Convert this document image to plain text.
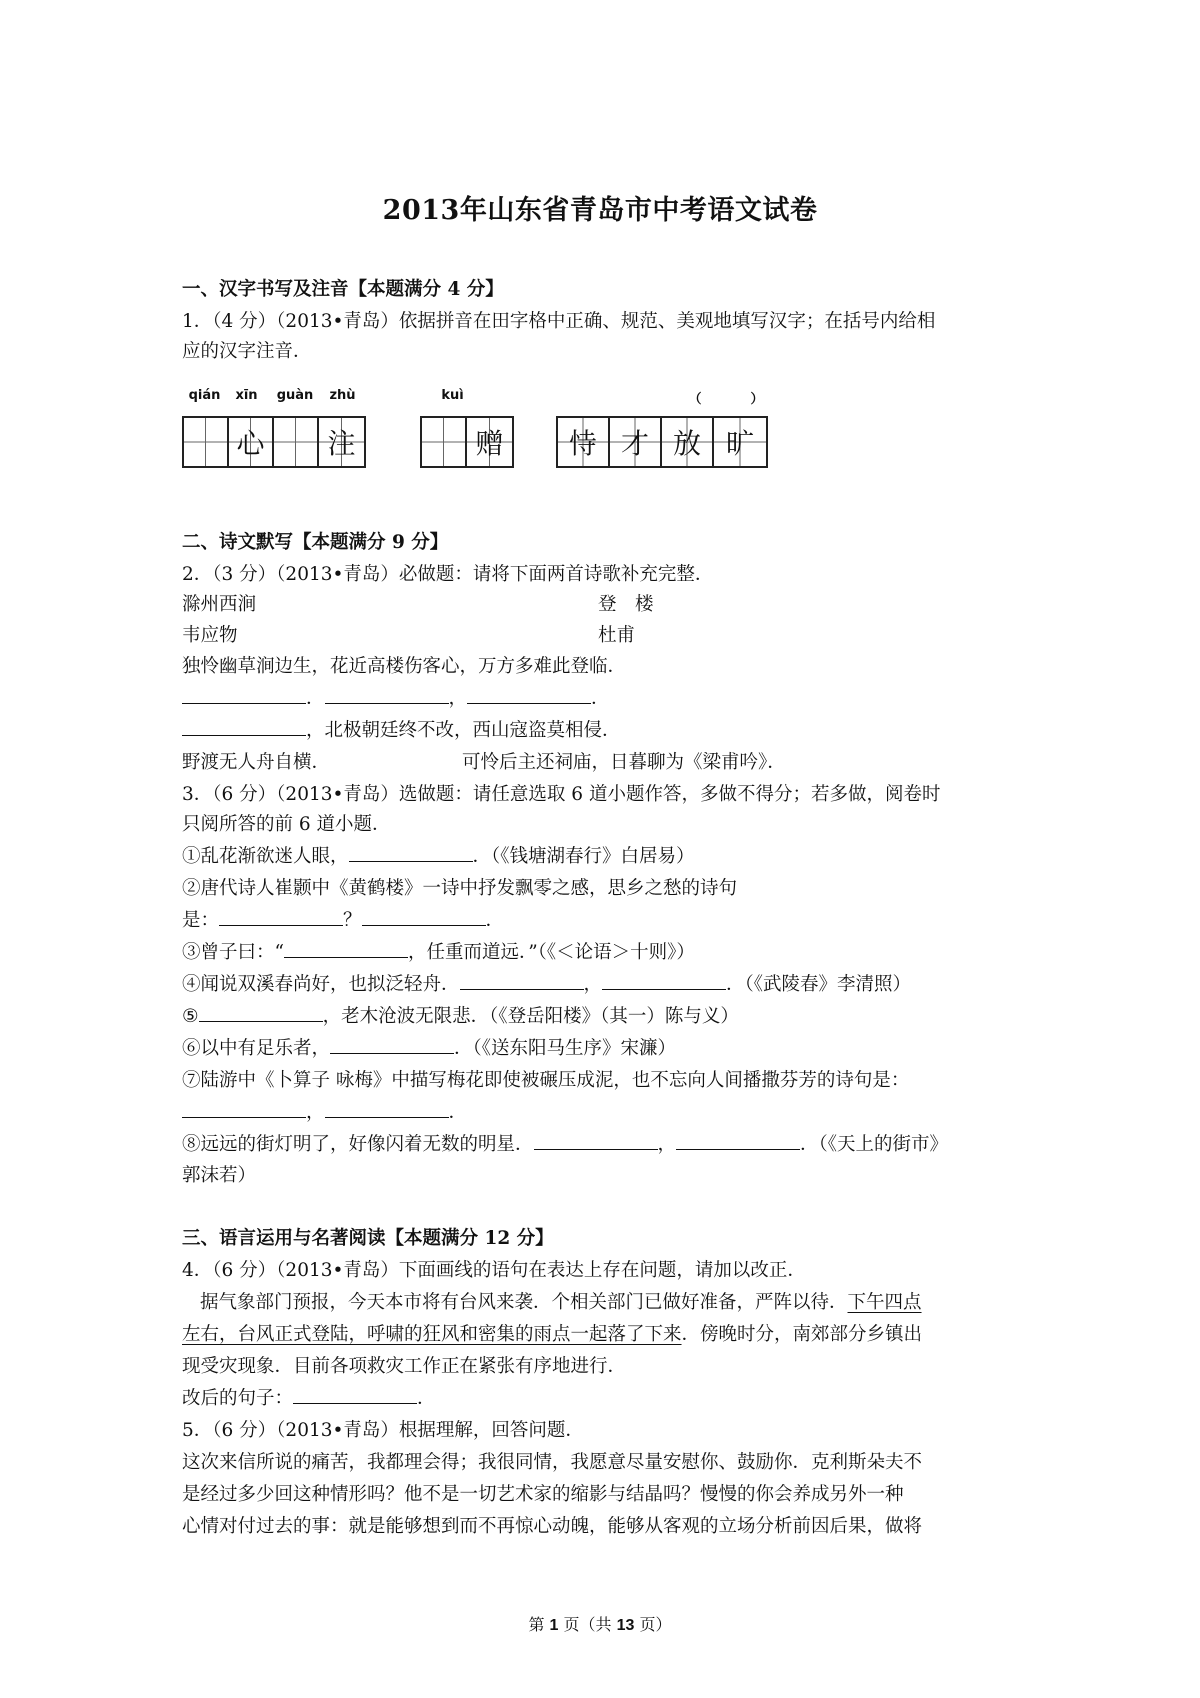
2013年山东省青岛市中考语文试卷
一、汉字书写及注音【本题满分 4 分】
1．（4 分）（2013•青岛）依据拼音在田字格中正确、规范、美观地填写汉字；在括号内给相
应的汉字注音．
qián	xīn	guàn	zhù
心 注
kuì
赠
（	）
恃 才 放 旷
二、诗文默写【本题满分 9 分】
2．（3 分）（2013•青岛）必做题：请将下面两首诗歌补充完整．
滁州西涧	登　楼
韦应物	杜甫
独怜幽草涧边生，花近高楼伤客心，万方多难此登临．
．	，	．
，北极朝廷终不改，西山寇盗莫相侵．
野渡无人舟自横．	可怜后主还祠庙，日暮聊为《梁甫吟》．
3．（6 分）（2013•青岛）选做题：请任意选取 6 道小题作答，多做不得分；若多做，阅卷时
只阅所答的前 6 道小题．
①乱花渐欲迷人眼，	．（《钱塘湖春行》白居易）
②唐代诗人崔颢中《黄鹤楼》一诗中抒发飘零之感，思乡之愁的诗句
是：	？	．
③曾子曰：“	，任重而道远．”（《＜论语＞十则》）
④闻说双溪春尚好，也拟泛轻舟．	，	．（《武陵春》李清照）
⑤	，老木沧波无限悲．（《登岳阳楼》（其一）陈与义）
⑥以中有足乐者，	．（《送东阳马生序》宋濂）
⑦陆游中《卜算子 咏梅》中描写梅花即使被碾压成泥，也不忘向人间播撒芬芳的诗句是：
，	．
⑧远远的街灯明了，好像闪着无数的明星．	，	．（《天上的街市》
郭沫若）
三、语言运用与名著阅读【本题满分 12 分】
4．（6 分）（2013•青岛）下面画线的语句在表达上存在问题，请加以改正．
据气象部门预报，今天本市将有台风来袭．个相关部门已做好准备，严阵以待．下午四点
左右，台风正式登陆，呼啸的狂风和密集的雨点一起落了下来．傍晚时分，南郊部分乡镇出
现受灾现象．目前各项救灾工作正在紧张有序地进行．
改后的句子：	．
5．（6 分）（2013•青岛）根据理解，回答问题．
这次来信所说的痛苦，我都理会得；我很同情，我愿意尽量安慰你、鼓励你．克利斯朵夫不
是经过多少回这种情形吗？他不是一切艺术家的缩影与结晶吗？慢慢的你会养成另外一种
心情对付过去的事：就是能够想到而不再惊心动魄，能够从客观的立场分析前因后果，做将
第 1 页（共 13 页）
